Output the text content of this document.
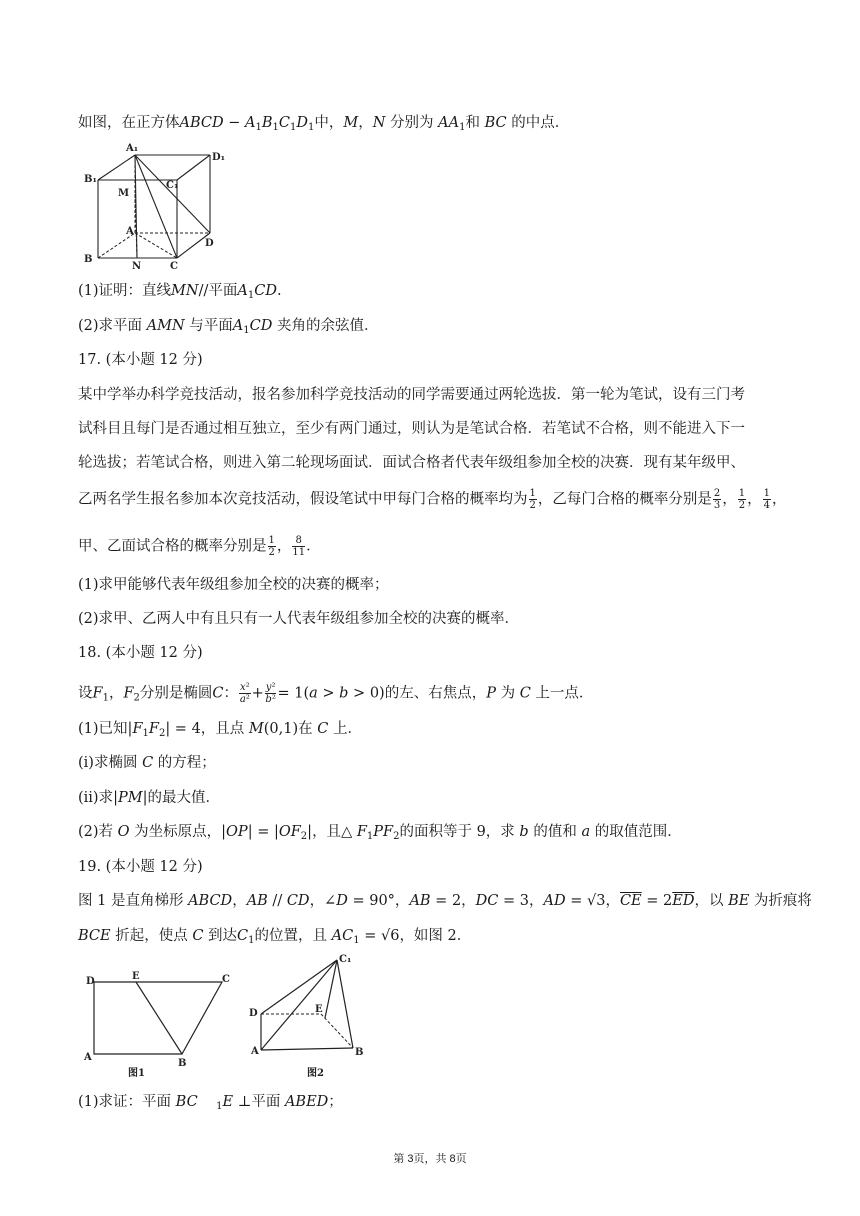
如图，在正方体ABCD − $A_1B_1C_1D_1$中，M，N 分别为 $AA_1$和 BC 的中点．
A₁
D₁
B₁
C₁
M
A
D
B
N	C
(1)证明：直线MN//平面$A_1CD$.
(2)求平面 AMN 与平面$A_1CD$ 夹角的余弦值．
17. (本小题 12 分)
某中学举办科学竞技活动，报名参加科学竞技活动的同学需要通过两轮选拔．第一轮为笔试，设有三门考
试科目且每门是否通过相互独立，至少有两门通过，则认为是笔试合格．若笔试不合格，则不能进入下一
轮选拔；若笔试合格，则进入第二轮现场面试．面试合格者代表年级组参加全校的决赛．现有某年级甲、
乙两名学生报名参加本次竞技活动，假设笔试中甲每门合格的概率均为 $\frac{1}{2}$ ，乙每门合格的概率分别是 $\frac{2}{3}$ ， $\frac{1}{2}$ ， $\frac{1}{4}$ ，
甲、乙面试合格的概率分别是 $\frac{1}{2}$ ， $\frac{8}{11}$ ．
(1)求甲能够代表年级组参加全校的决赛的概率；
(2)求甲、乙两人中有且只有一人代表年级组参加全校的决赛的概率．
18. (本小题 12 分)
设$F_1$，$F_2$分别是椭圆C： $\frac{\text{x²}}{\text{a²}} + \frac{\text{y²}}{\text{b²}} = 1(a > b > 0)$的左、右焦点，P 为 C 上一点．
(1)已知$|F_1F_2| = 4$，且点 M(0,1)在 C 上．
(ⅰ)求椭圆 C 的方程；
(ⅱ)求|PM|的最大值．
(2)若 O 为坐标原点，$|OP| = |OF_2|$，且△ $F_1PF_2$的面积等于 9，求 b 的值和 a 的取值范围．
19. (本小题 12 分)
图 1 是直角梯形 ABCD，AB // CD，∠D = 90°，AB = 2，DC = 3，AD = √3，$\overline{CE} = 2\overline{ED}$，以 BE 为折痕将
BCE 折起，使点 C 到达$C_1$的位置，且 $AC_1 = √6$，如图 2．
D	E	C
A
B
图1
C₁
D	E
A	B
图2
(1)求证：平面 BC $_1$E ⊥平面 ABED；
第 3页，共 8页
